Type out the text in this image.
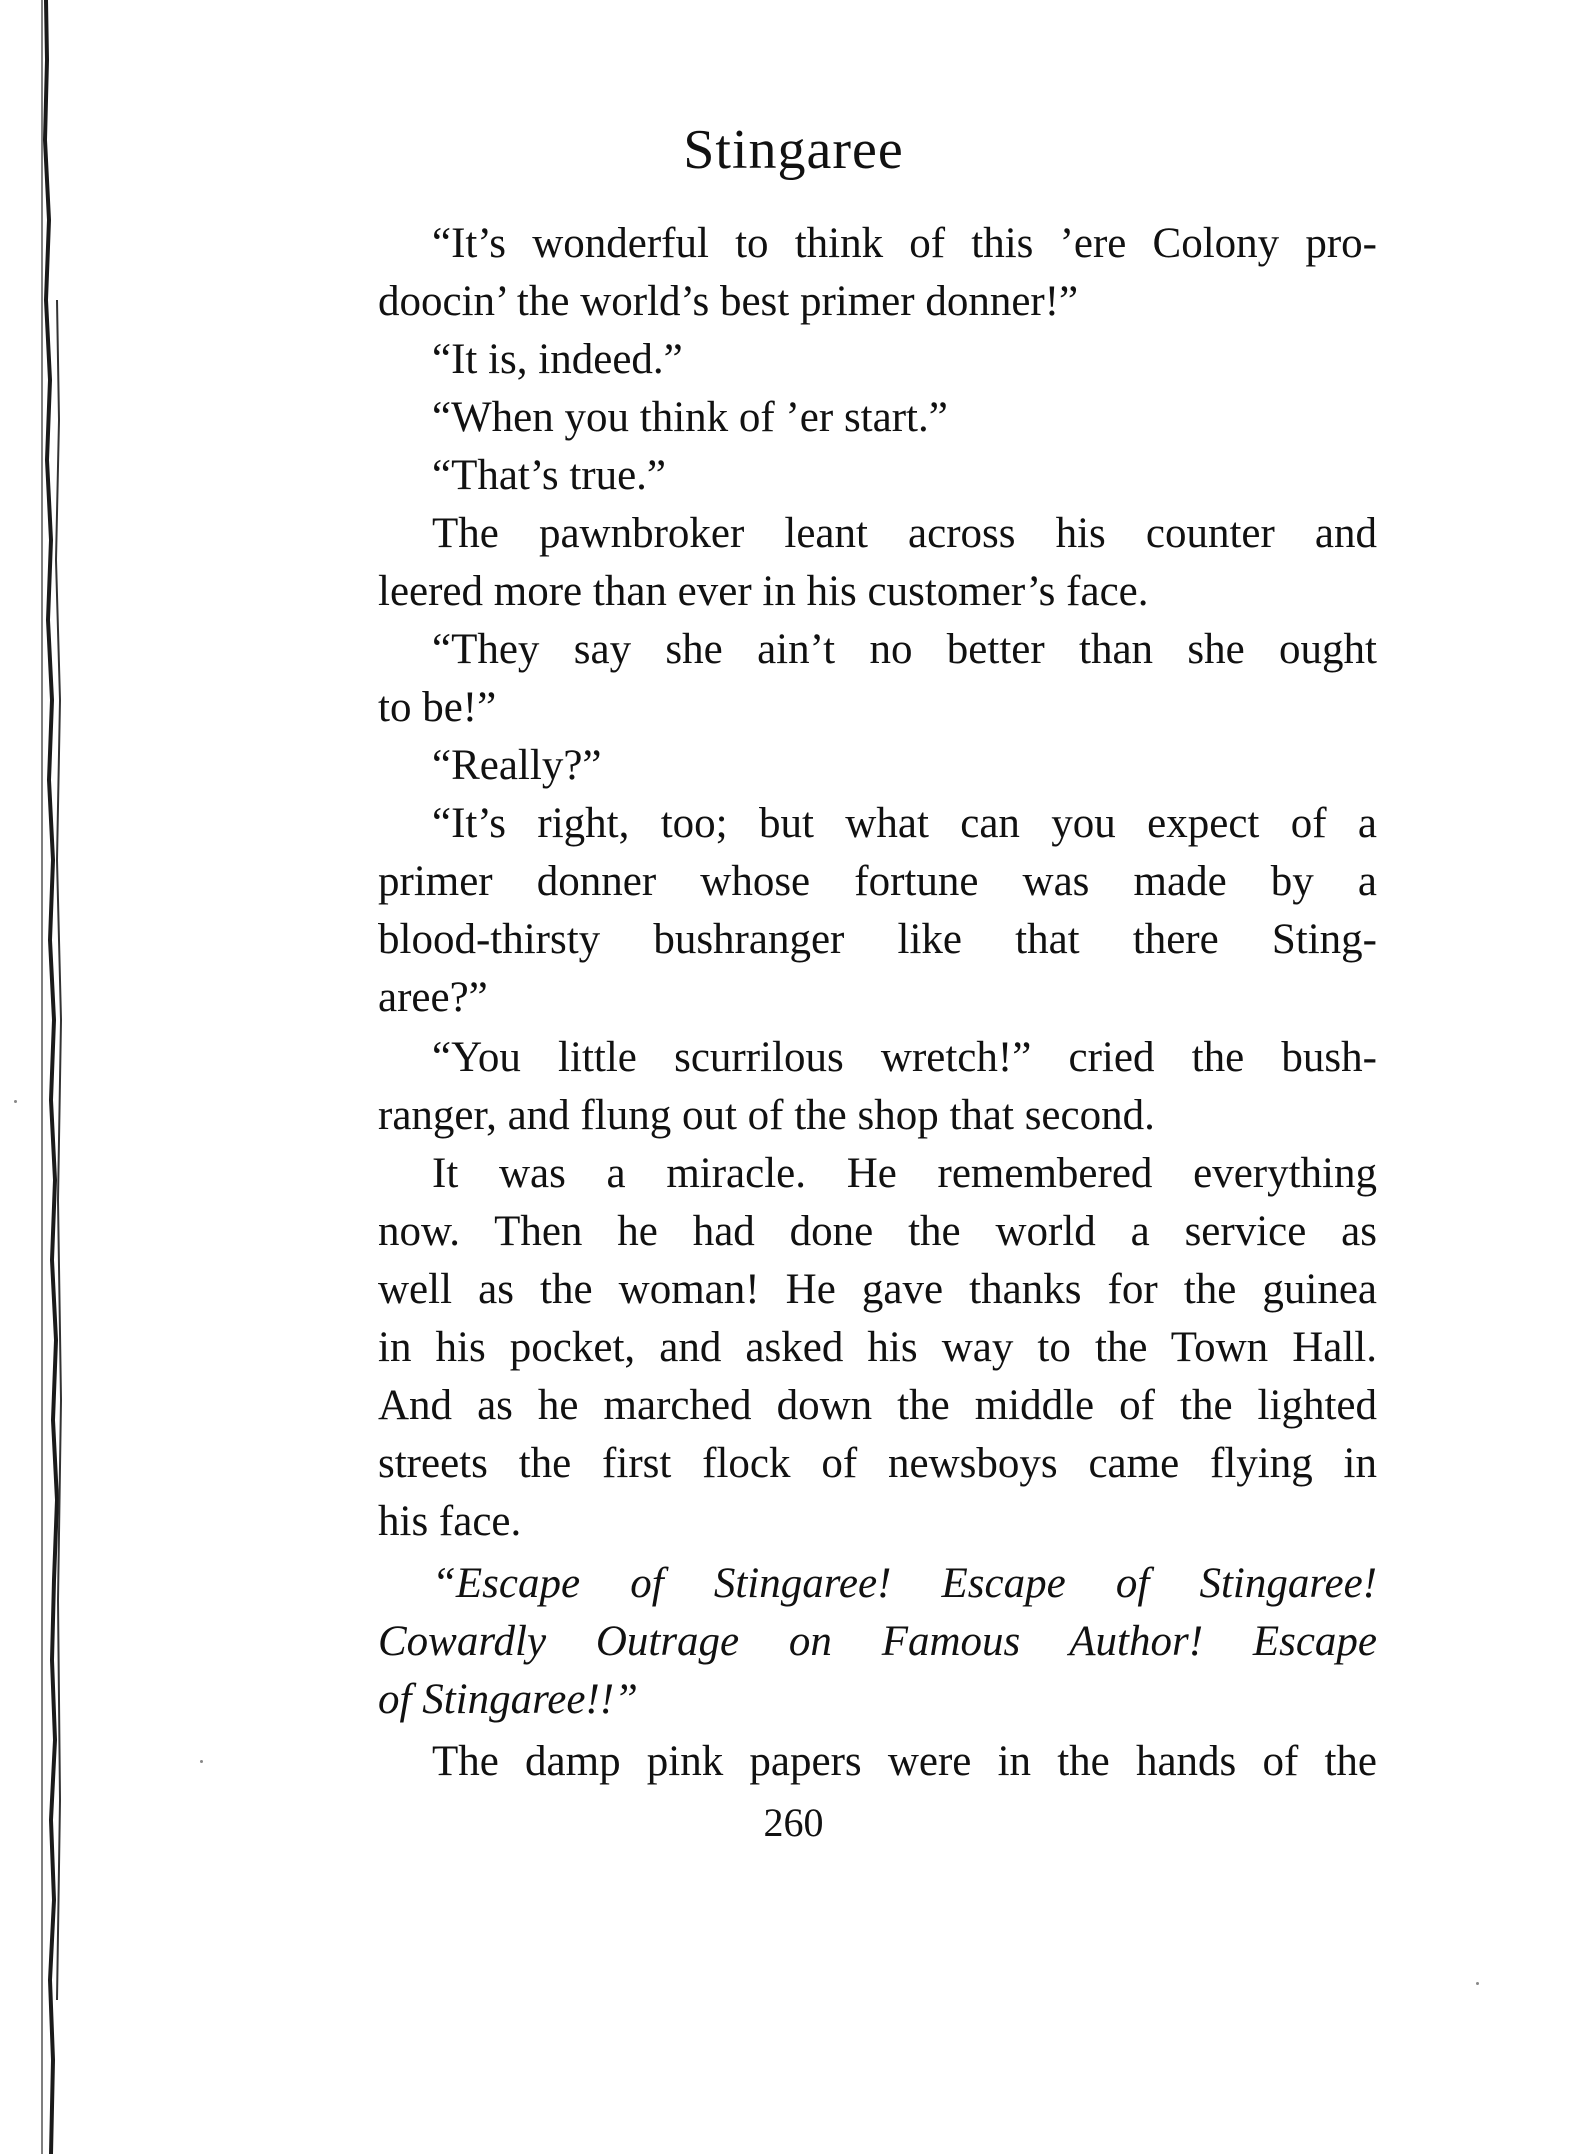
Stingaree
“It’s wonderful to think of this ’ere Colony pro-
doocin’ the world’s best primer donner!”
“It is, indeed.”
“When you think of ’er start.”
“That’s true.”
The pawnbroker leant across his counter and
leered more than ever in his customer’s face.
“They say she ain’t no better than she ought
to be!”
“Really?”
“It’s right, too; but what can you expect of a
primer donner whose fortune was made by a
blood-thirsty bushranger like that there Sting-
aree?”
“You little scurrilous wretch!” cried the bush-
ranger, and flung out of the shop that second.
It was a miracle. He remembered everything
now. Then he had done the world a service as
well as the woman! He gave thanks for the guinea
in his pocket, and asked his way to the Town Hall.
And as he marched down the middle of the lighted
streets the first flock of newsboys came flying in
his face.
“Escape of Stingaree! Escape of Stingaree!
Cowardly Outrage on Famous Author! Escape
of Stingaree!!”
The damp pink papers were in the hands of the
260
